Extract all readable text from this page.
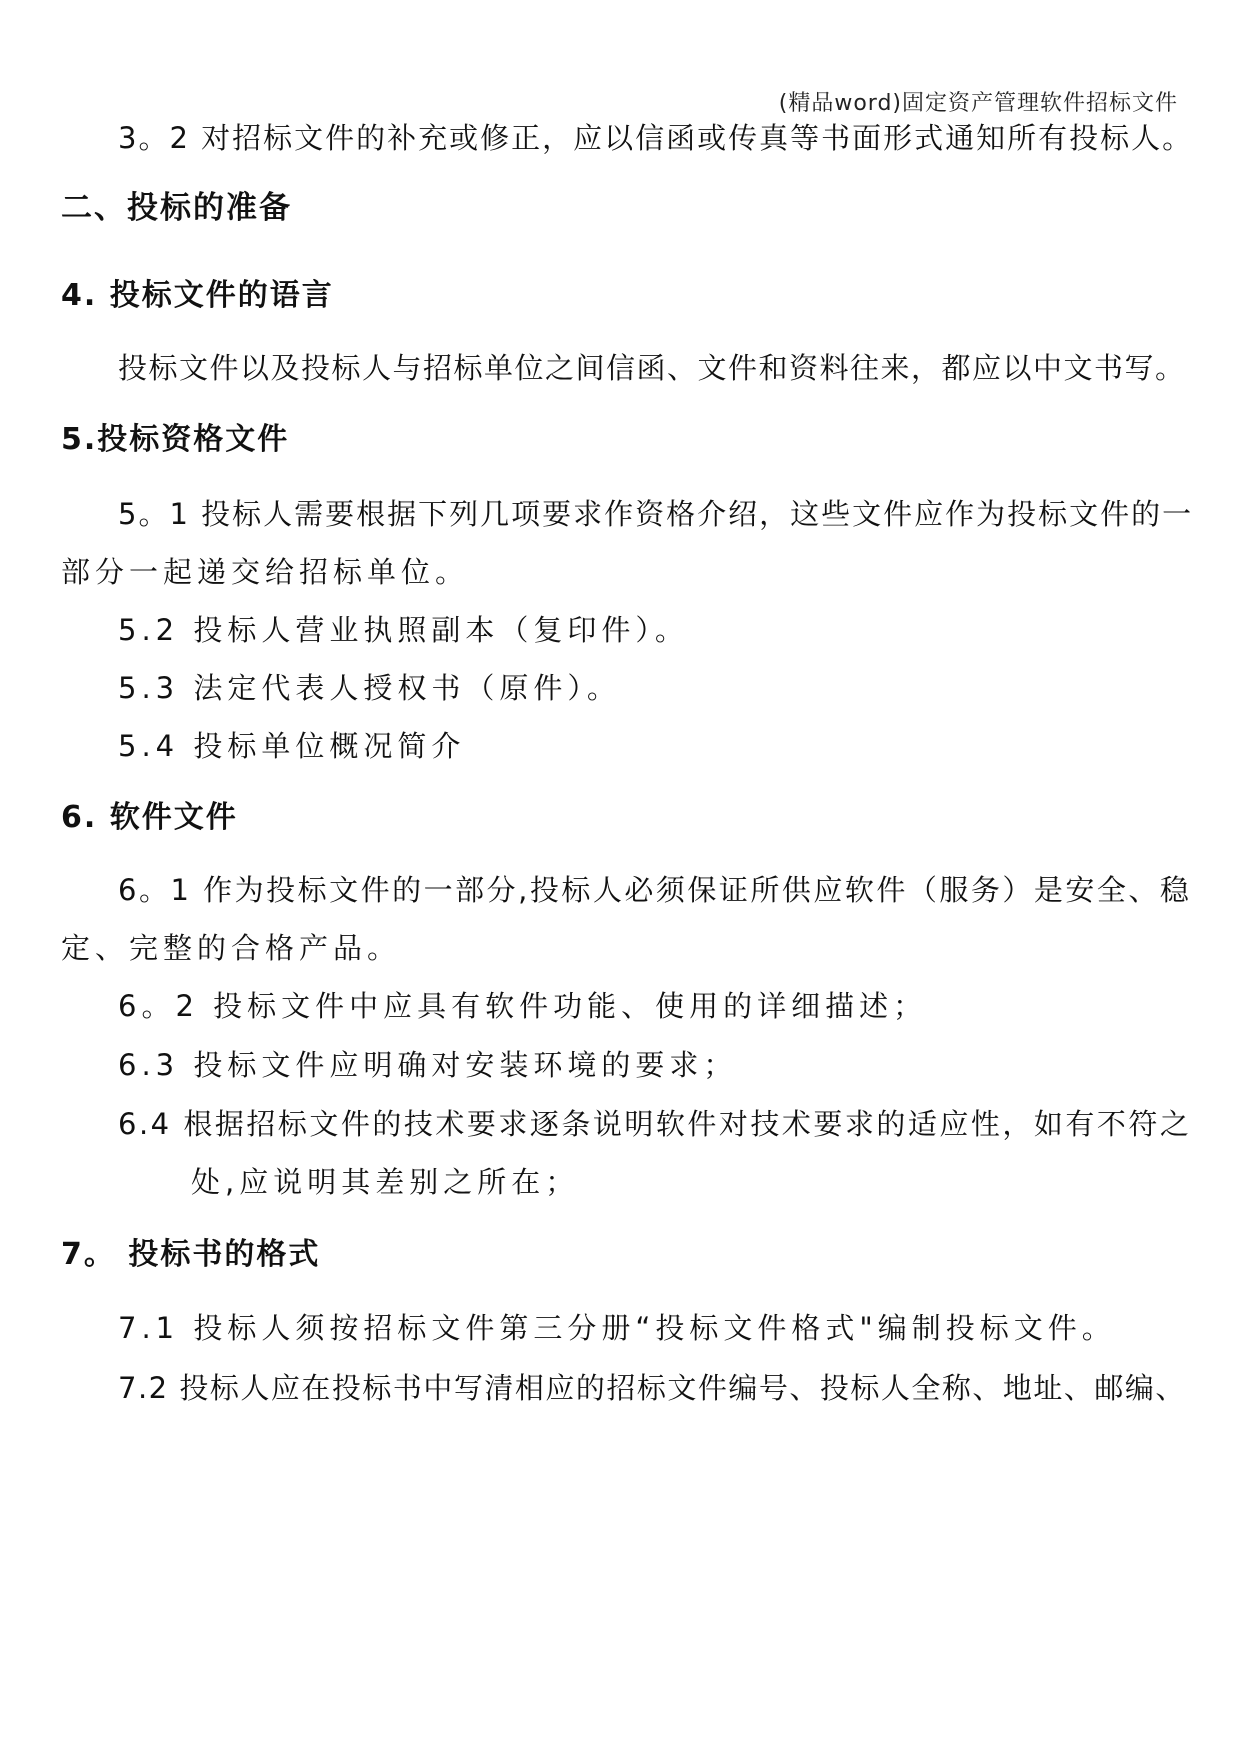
(精品word)固定资产管理软件招标文件
3。2 对招标文件的补充或修正，应以信函或传真等书面形式通知所有投标人。
二、投标的准备
4. 投标文件的语言
投标文件以及投标人与招标单位之间信函、文件和资料往来，都应以中文书写。
5.投标资格文件
5。1 投标人需要根据下列几项要求作资格介绍，这些文件应作为投标文件的一
部分一起递交给招标单位。
5.2 投标人营业执照副本（复印件）。
5.3 法定代表人授权书（原件）。
5.4 投标单位概况简介
6. 软件文件
6。1 作为投标文件的一部分,投标人必须保证所供应软件（服务）是安全、稳
定、完整的合格产品。
6。2 投标文件中应具有软件功能、使用的详细描述；
6.3 投标文件应明确对安装环境的要求；
6.4 根据招标文件的技术要求逐条说明软件对技术要求的适应性，如有不符之
处,应说明其差别之所在；
7。 投标书的格式
7.1 投标人须按招标文件第三分册“投标文件格式"编制投标文件。
7.2 投标人应在投标书中写清相应的招标文件编号、投标人全称、地址、邮编、
